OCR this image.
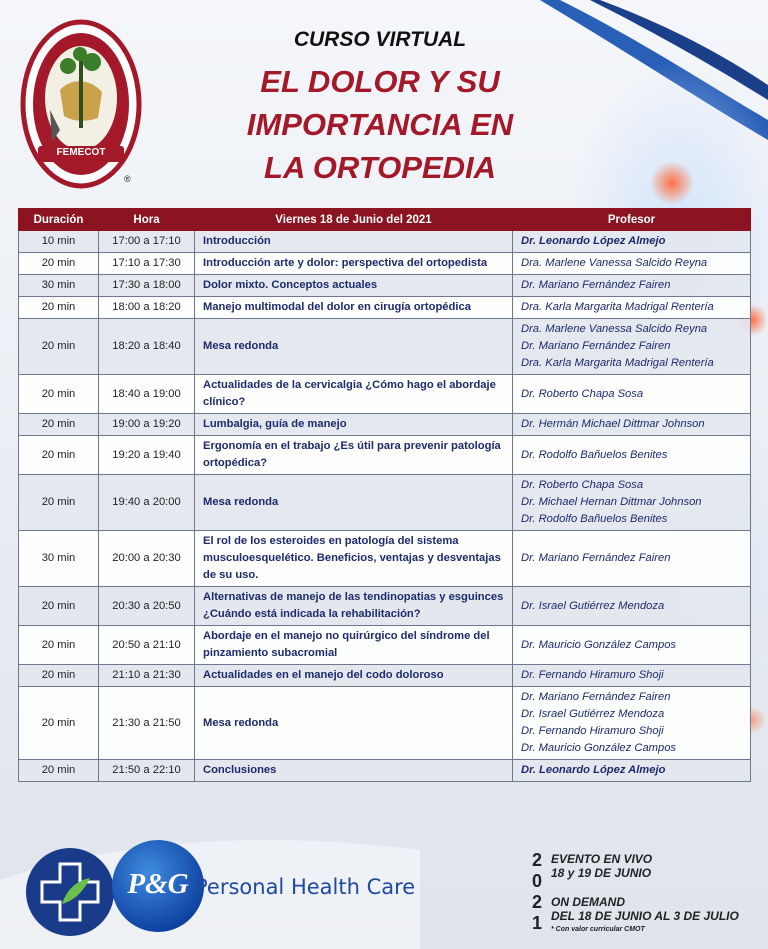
FEMECOT
®
CURSO VIRTUAL
EL DOLOR Y SU
IMPORTANCIA EN
LA ORTOPEDIA
Duración	Hora	Viernes 18 de Junio del 2021	Profesor
10 min	17:00 a 17:10	Introducción	Dr. Leonardo López Almejo

20 min	17:10 a 17:30	Introducción arte y dolor: perspectiva del ortopedista	Dra. Marlene Vanessa Salcido Reyna

30 min	17:30 a 18:00	Dolor mixto. Conceptos actuales	Dr. Mariano Fernández Fairen

20 min	18:00 a 18:20	Manejo multimodal del dolor en cirugía ortopédica	Dra. Karla Margarita Madrigal Rentería

20 min	18:20 a 18:40	Mesa redonda	Dra. Marlene Vanessa Salcido Reyna
Dr. Mariano Fernández Fairen
Dra. Karla Margarita Madrigal Rentería

20 min	18:40 a 19:00	Actualidades de la cervicalgia ¿Cómo hago el abordaje clínico?	Dr. Roberto Chapa Sosa

20 min	19:00 a 19:20	Lumbalgia, guía de manejo	Dr. Hermán Michael Dittmar Johnson

20 min	19:20 a 19:40	Ergonomía en el trabajo ¿Es útil para prevenir patología ortopédica?	Dr. Rodolfo Bañuelos Benites

20 min	19:40 a 20:00	Mesa redonda	Dr. Roberto Chapa Sosa
Dr. Michael Hernan Dittmar Johnson
Dr. Rodolfo Bañuelos Benites

30 min	20:00 a 20:30	El rol de los esteroides en patología del sistema musculoesquelético. Beneficios, ventajas y desventajas de su uso.	Dr. Mariano Fernández Fairen

20 min	20:30 a 20:50	Alternativas de manejo de las tendinopatias y esguinces ¿Cuándo está indicada la rehabilitación?	Dr. Israel Gutiérrez Mendoza

20 min	20:50 a 21:10	Abordaje en el manejo no quirúrgico del síndrome del pinzamiento subacromial	Dr. Mauricio González Campos

20 min	21:10 a 21:30	Actualidades en el manejo del codo doloroso	Dr. Fernando Hiramuro Shoji

20 min	21:30 a 21:50	Mesa redonda	Dr. Mariano Fernández Fairen
Dr. Israel Gutiérrez Mendoza
Dr. Fernando Hiramuro Shoji
Dr. Mauricio González Campos

20 min	21:50 a 22:10	Conclusiones	Dr. Leonardo López Almejo
P&G Personal Health Care
2
0
2
1
EVENTO EN VIVO
18 y 19 DE JUNIO
ON DEMAND
DEL 18 DE JUNIO AL 3 DE JULIO
* Con valor curricular CMOT
